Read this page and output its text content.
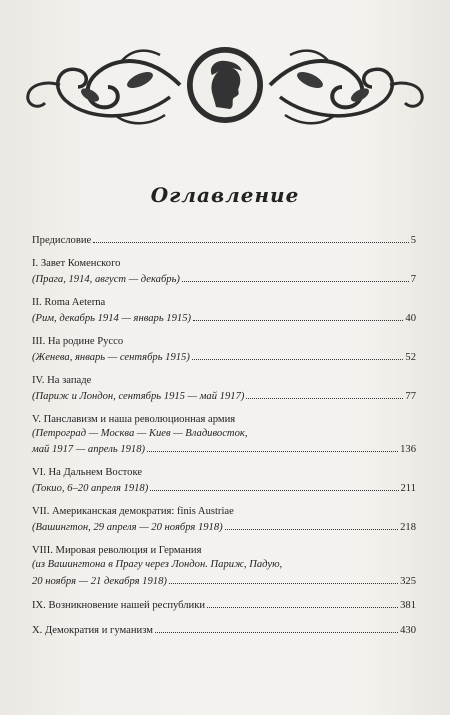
Оглавление
Предисловие	5
I. Завет Коменского
(Прага, 1914, август — декабрь)	7
II. Roma Aeterna
(Рим, декабрь 1914 — январь 1915)	40
III. На родине Руссо
(Женева, январь — сентябрь 1915)	52
IV. На западе
(Париж и Лондон, сентябрь 1915 — май 1917)	77
V. Панславизм и наша революционная армия
(Петроград — Москва — Киев — Владивосток,
май 1917 — апрель 1918)	136
VI. На Дальнем Востоке
(Токио, 6–20 апреля 1918)	211
VII. Американская демократия: finis Austriae
(Вашингтон, 29 апреля — 20 ноября 1918)	218
VIII. Мировая революция и Германия
(из Вашингтона в Прагу через Лондон. Париж, Падую,
20 ноября — 21 декабря 1918)	325
IX. Возникновение нашей республики	381
X. Демократия и гуманизм	430
